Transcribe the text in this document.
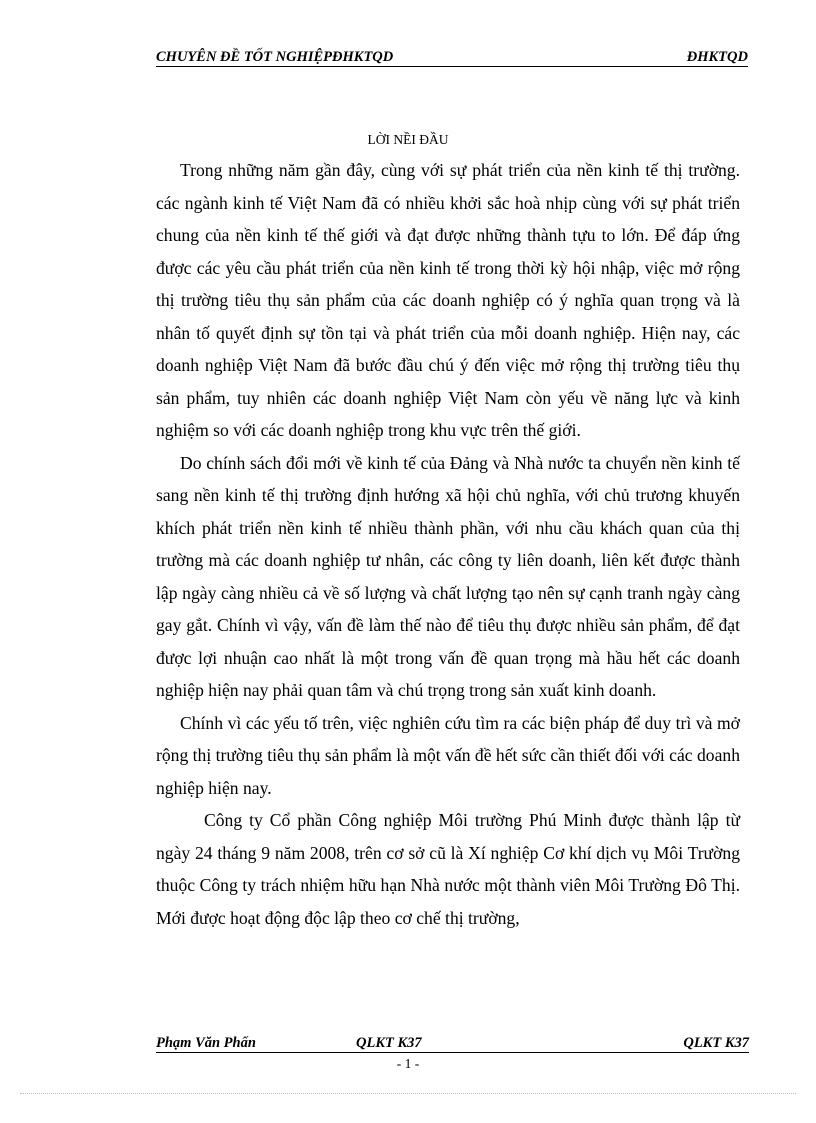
CHUYÊN ĐỀ TỐT NGHIỆPĐHKTQD	ĐHKTQD
LỜI NỀI ĐẦU

Trong những năm gần đây, cùng với sự phát triển của nền kinh tế thị trường. các ngành kinh tế Việt Nam đã có nhiều khởi sắc hoà nhịp cùng với sự phát triển chung của nền kinh tế thế giới và đạt được những thành tựu to lớn. Để đáp ứng được các yêu cầu phát triển của nền kinh tế trong thời kỳ hội nhập, việc mở rộng thị trường tiêu thụ sản phẩm của các doanh nghiệp có ý nghĩa quan trọng và là nhân tố quyết định sự tồn tại và phát triển của mỗi doanh nghiệp. Hiện nay, các doanh nghiệp Việt Nam đã bước đầu chú ý đến việc mở rộng thị trường tiêu thụ sản phẩm, tuy nhiên các doanh nghiệp Việt Nam còn yếu về năng lực và kinh nghiệm so với các doanh nghiệp trong khu vực trên thế giới.

Do chính sách đổi mới về kinh tế của Đảng và Nhà nước ta chuyển nền kinh tế sang nền kinh tế thị trường định hướng xã hội chủ nghĩa, với chủ trương khuyến khích phát triển nền kinh tế nhiều thành phần, với nhu cầu khách quan của thị trường mà các doanh nghiệp tư nhân, các công ty liên doanh, liên kết được thành lập ngày càng nhiều cả về số lượng và chất lượng tạo nên sự cạnh tranh ngày càng gay gắt. Chính vì vậy, vấn đề làm thế nào để tiêu thụ được nhiều sản phẩm, để đạt được lợi nhuận cao nhất là một trong vấn đề quan trọng mà hầu hết các doanh nghiệp hiện nay phải quan tâm và chú trọng trong sản xuất kinh doanh.

Chính vì các yếu tố trên, việc nghiên cứu tìm ra các biện pháp để duy trì và mở rộng thị trường tiêu thụ sản phẩm là một vấn đề hết sức cần thiết đối với các doanh nghiệp hiện nay.

Công ty Cổ phần Công nghiệp Môi trường Phú Minh được thành lập từ ngày 24 tháng 9 năm 2008, trên cơ sở cũ là Xí nghiệp Cơ khí dịch vụ Môi Trường thuộc Công ty trách nhiệm hữu hạn Nhà nước một thành viên Môi Trường Đô Thị. Mới được hoạt động độc lập theo cơ chế thị trường,

Phạm Văn Phấn	QLKT K37
	QLKT K37
- 1 -
